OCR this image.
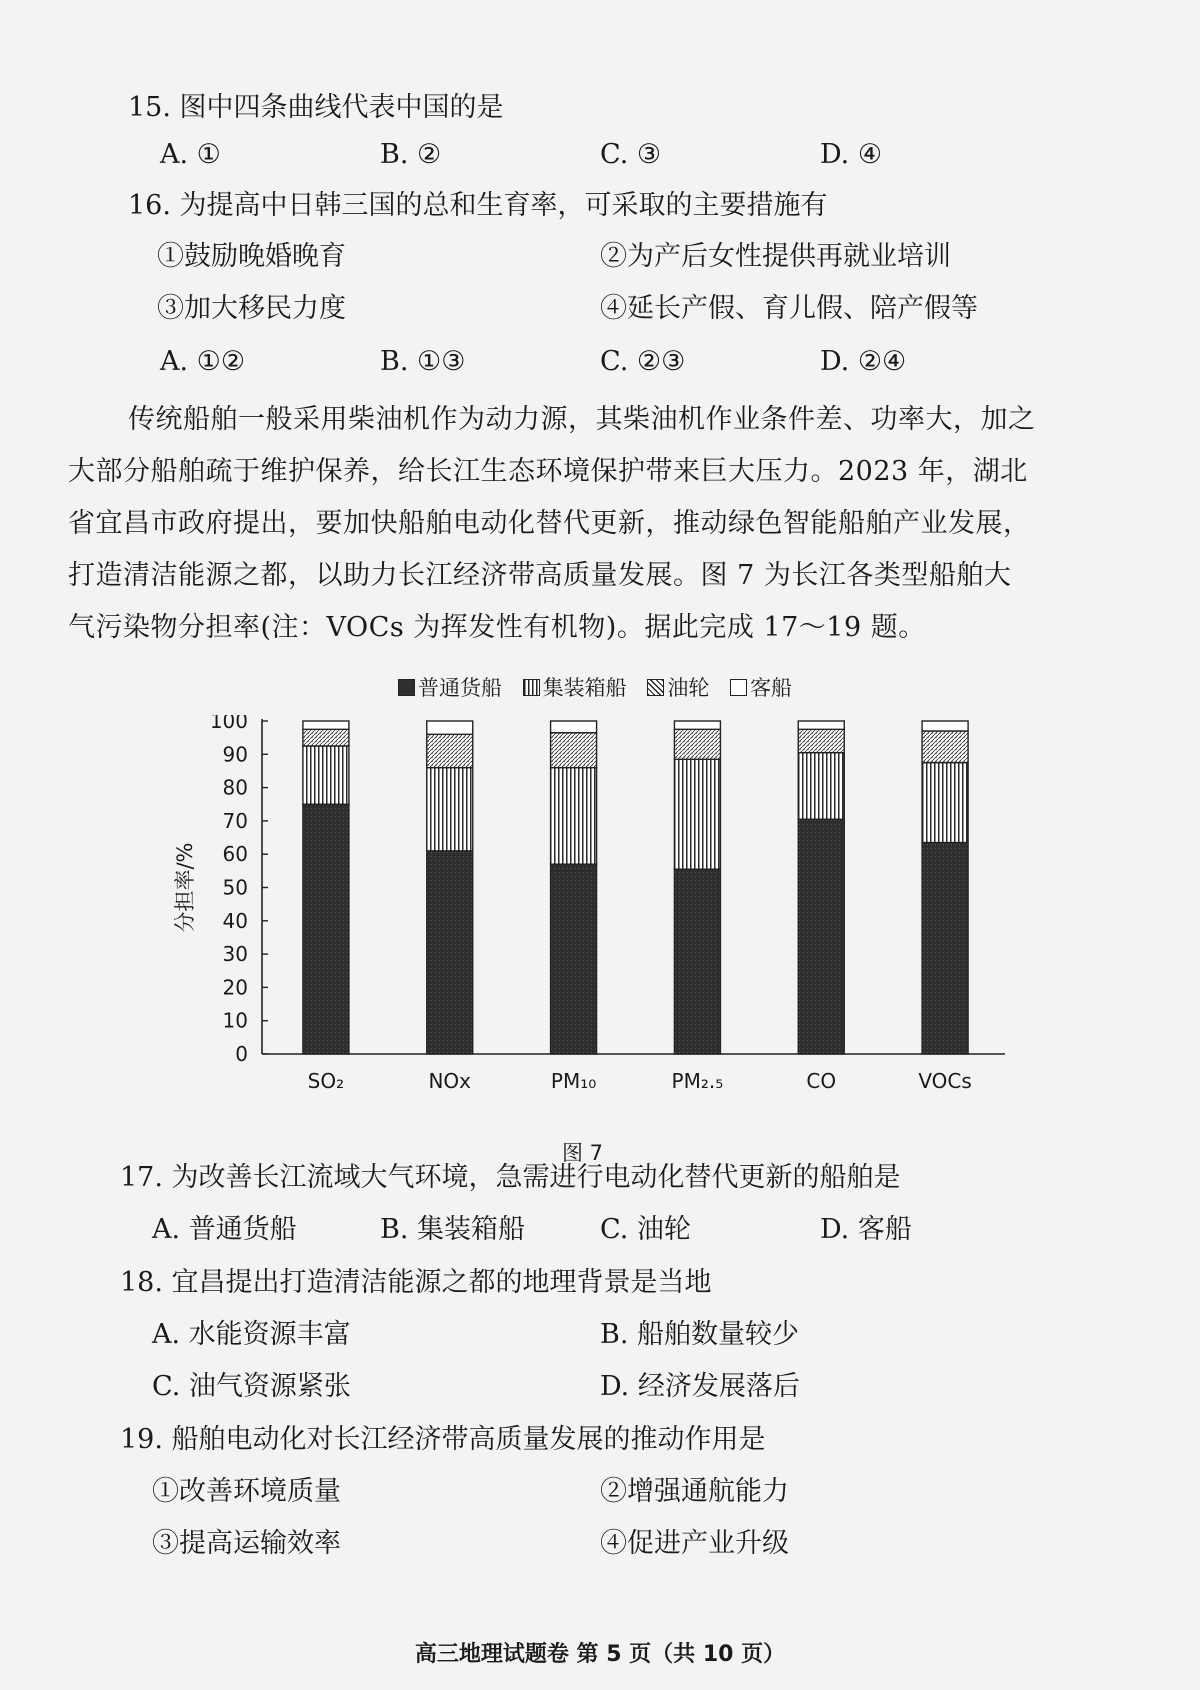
15. 图中四条曲线代表中国的是
A. ①	B. ②	C. ③	D. ④
16. 为提高中日韩三国的总和生育率，可采取的主要措施有
①鼓励晚婚晚育	②为产后女性提供再就业培训
③加大移民力度	④延长产假、育儿假、陪产假等
A. ①②	B. ①③	C. ②③	D. ②④
传统船舶一般采用柴油机作为动力源，其柴油机作业条件差、功率大，加之
大部分船舶疏于维护保养，给长江生态环境保护带来巨大压力。2023 年，湖北
省宜昌市政府提出，要加快船舶电动化替代更新，推动绿色智能船舶产业发展，
打造清洁能源之都，以助力长江经济带高质量发展。图 7 为长江各类型船舶大
气污染物分担率(注：VOCs 为挥发性有机物)。据此完成 17～19 题。
普通货船 集装箱船 油轮 客船
分担率/%
0
10
20
30
40
50
60
70
80
90
100
SO₂	NOx	PM₁₀	PM₂.₅	CO	VOCs
图 7
17. 为改善长江流域大气环境，急需进行电动化替代更新的船舶是
A. 普通货船	B. 集装箱船	C. 油轮	D. 客船
18. 宜昌提出打造清洁能源之都的地理背景是当地
A. 水能资源丰富	B. 船舶数量较少
C. 油气资源紧张	D. 经济发展落后
19. 船舶电动化对长江经济带高质量发展的推动作用是
①改善环境质量	②增强通航能力
③提高运输效率	④促进产业升级
高三地理试题卷 第 5 页（共 10 页）
